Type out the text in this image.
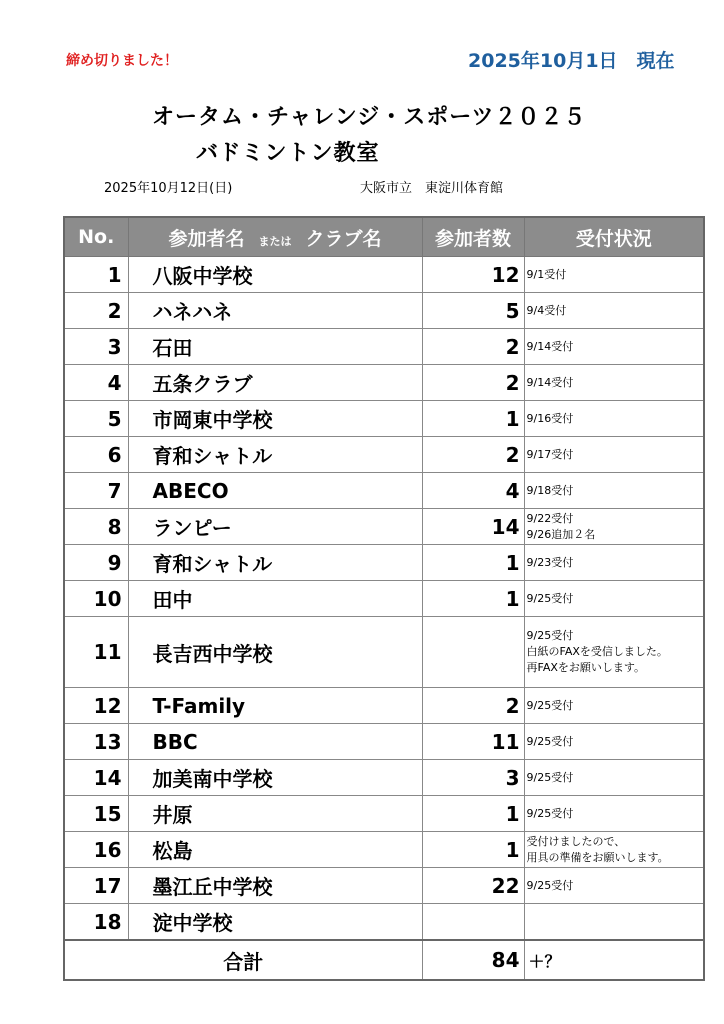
締め切りました！	2025年10月1日　現在
オータム・チャレンジ・スポーツ２０２５
バドミントン教室
2025年10月12日(日)	大阪市立　東淀川体育館
No.	参加者名 または クラブ名	参加者数	受付状況
1	八阪中学校	12	9/1受付

2	ハネハネ	5	9/4受付

3	石田	2	9/14受付

4	五条クラブ	2	9/14受付

5	市岡東中学校	1	9/16受付

6	育和シャトル	2	9/17受付

7	ABECO	4	9/18受付

8	ランピー	14	9/22受付
9/26追加２名

9	育和シャトル	1	9/23受付

10	田中	1	9/25受付

11	長吉西中学校		9/25受付
白紙のFAXを受信しました。
再FAXをお願いします。

12	T-Family	2	9/25受付

13	BBC	11	9/25受付

14	加美南中学校	3	9/25受付

15	井原	1	9/25受付

16	松島	1	受付けましたので、
用具の準備をお願いします。

17	墨江丘中学校	22	9/25受付

18	淀中学校		
合計		84	＋？
